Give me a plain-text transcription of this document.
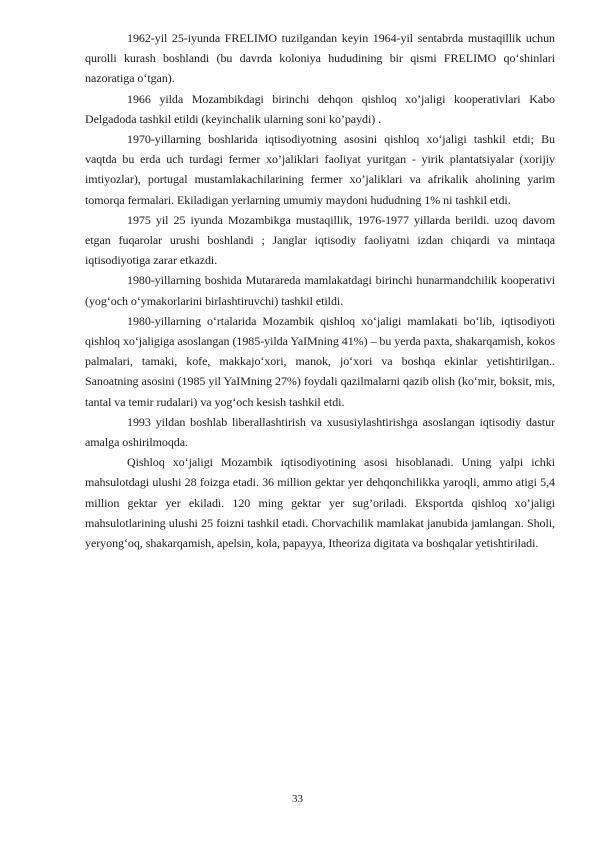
1962-yil 25-iyunda FRELIMO tuzilgandan keyin 1964-yil sentabrda mustaqillik uchun qurolli kurash boshlandi (bu davrda koloniya hududining bir qismi FRELIMO qo‘shinlari nazoratiga o‘tgan).

1966 yilda Mozambikdagi birinchi dehqon qishloq xo’jaligi kooperativlari Kabo Delgadoda tashkil etildi (keyinchalik ularning soni ko’paydi) .

1970-yillarning boshlarida iqtisodiyotning asosini qishloq xo‘jaligi tashkil etdi; Bu vaqtda bu erda uch turdagi fermer xo’jaliklari faoliyat yuritgan - yirik plantatsiyalar (xorijiy imtiyozlar), portugal mustamlakachilarining fermer xo’jaliklari va afrikalik aholining yarim tomorqa fermalari. Ekiladigan yerlarning umumiy maydoni hududning 1% ni tashkil etdi.

1975 yil 25 iyunda Mozambikga mustaqillik, 1976-1977 yillarda berildi. uzoq davom etgan fuqarolar urushi boshlandi ; Janglar iqtisodiy faoliyatni izdan chiqardi va mintaqa iqtisodiyotiga zarar etkazdi.

1980-yillarning boshida Mutarareda mamlakatdagi birinchi hunarmandchilik kooperativi (yog‘och o‘ymakorlarini birlashtiruvchi) tashkil etildi.

1980-yillarning o‘rtalarida Mozambik qishloq xo‘jaligi mamlakati bo‘lib, iqtisodiyoti qishloq xo‘jaligiga asoslangan (1985-yilda YaIMning 41%) – bu yerda paxta, shakarqamish, kokos palmalari, tamaki, kofe, makkajo‘xori, manok, jo‘xori va boshqa ekinlar yetishtirilgan.. Sanoatning asosini (1985 yil YaIMning 27%) foydali qazilmalarni qazib olish (ko‘mir, boksit, mis, tantal va temir rudalari) va yog‘och kesish tashkil etdi.

1993 yildan boshlab liberallashtirish va xususiylashtirishga asoslangan iqtisodiy dastur amalga oshirilmoqda.

Qishloq xo‘jaligi Mozambik iqtisodiyotining asosi hisoblanadi. Uning yalpi ichki mahsulotdagi ulushi 28 foizga etadi. 36 million gektar yer dehqonchilikka yaroqli, ammo atigi 5,4 million gektar yer ekiladi. 120 ming gektar yer sug’oriladi. Eksportda qishloq xo’jaligi mahsulotlarining ulushi 25 foizni tashkil etadi. Chorvachilik mamlakat janubida jamlangan. Sholi, yeryong‘oq, shakarqamish, apelsin, kola, papayya, Itheoriza digitata va boshqalar yetishtiriladi.

33
